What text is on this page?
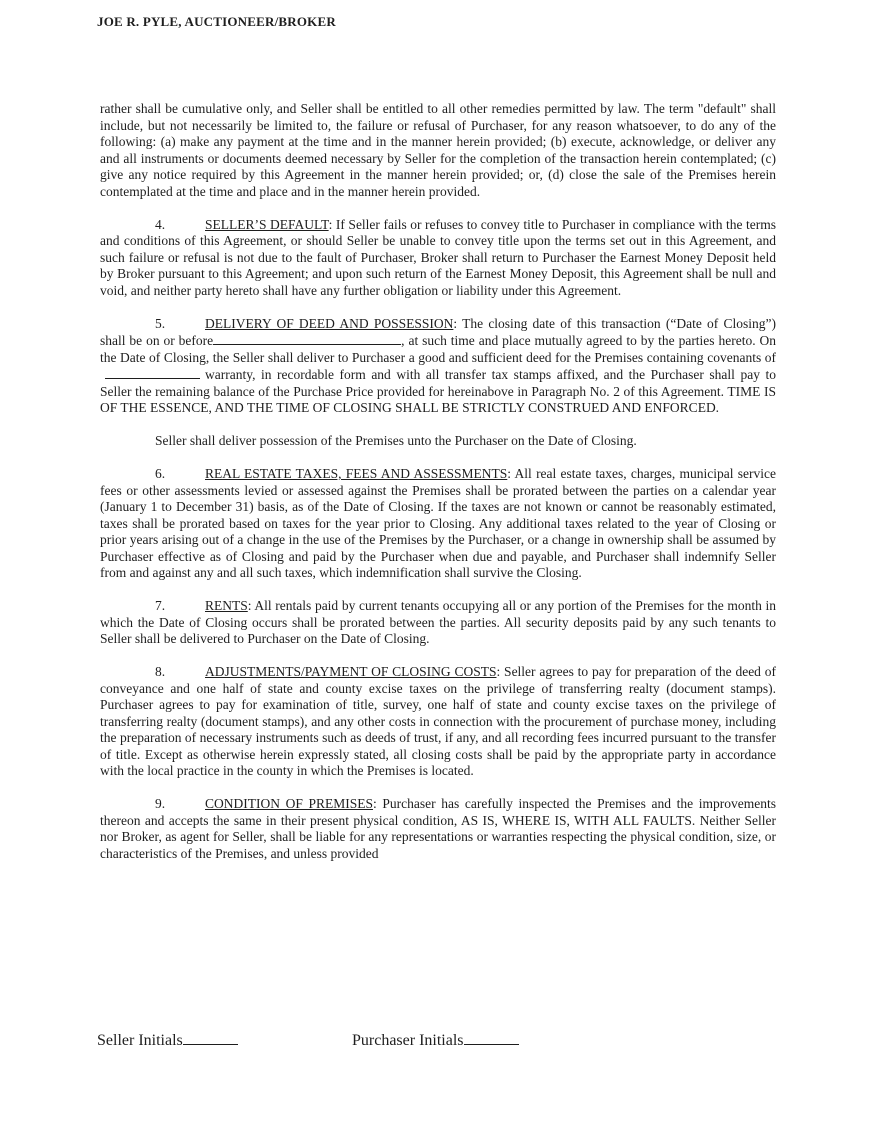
JOE R. PYLE, AUCTIONEER/BROKER

rather shall be cumulative only, and Seller shall be entitled to all other remedies permitted by law. The term "default" shall include, but not necessarily be limited to, the failure or refusal of Purchaser, for any reason whatsoever, to do any of the following: (a) make any payment at the time and in the manner herein provided; (b) execute, acknowledge, or deliver any and all instruments or documents deemed necessary by Seller for the completion of the transaction herein contemplated; (c) give any notice required by this Agreement in the manner herein provided; or, (d) close the sale of the Premises herein contemplated at the time and place and in the manner herein provided.

4.	SELLER’S DEFAULT: If Seller fails or refuses to convey title to Purchaser in compliance with the terms and conditions of this Agreement, or should Seller be unable to convey title upon the terms set out in this Agreement, and such failure or refusal is not due to the fault of Purchaser, Broker shall return to Purchaser the Earnest Money Deposit held by Broker pursuant to this Agreement; and upon such return of the Earnest Money Deposit, this Agreement shall be null and void, and neither party hereto shall have any further obligation or liability under this Agreement.

5.	DELIVERY OF DEED AND POSSESSION: The closing date of this transaction (“Date of Closing”) shall be on or before	, at such time and place mutually agreed to by the parties hereto. On the Date of Closing, the Seller shall deliver to Purchaser a good and sufficient deed for the Premises containing covenants ofwarranty, in recordable form and with all transfer tax stamps affixed, and the Purchaser shall pay to Seller the remaining balance of the Purchase Price provided for hereinabove in Paragraph No. 2 of this Agreement. TIME IS OF THE ESSENCE, AND THE TIME OF CLOSING SHALL BE STRICTLY CONSTRUED AND ENFORCED.

Seller shall deliver possession of the Premises unto the Purchaser on the Date of Closing.

6.	REAL ESTATE TAXES, FEES AND ASSESSMENTS: All real estate taxes, charges, municipal service fees or other assessments levied or assessed against the Premises shall be prorated between the parties on a calendar year (January 1 to December 31) basis, as of the Date of Closing. If the taxes are not known or cannot be reasonably estimated, taxes shall be prorated based on taxes for the year prior to Closing. Any additional taxes related to the year of Closing or prior years arising out of a change in the use of the Premises by the Purchaser, or a change in ownership shall be assumed by Purchaser effective as of Closing and paid by the Purchaser when due and payable, and Purchaser shall indemnify Seller from and against any and all such taxes, which indemnification shall survive the Closing.

7.	RENTS: All rentals paid by current tenants occupying all or any portion of the Premises for the month in which the Date of Closing occurs shall be prorated between the parties. All security deposits paid by any such tenants to Seller shall be delivered to Purchaser on the Date of Closing.

8.	ADJUSTMENTS/PAYMENT OF CLOSING COSTS: Seller agrees to pay for preparation of the deed of conveyance and one half of state and county excise taxes on the privilege of transferring realty (document stamps). Purchaser agrees to pay for examination of title, survey, one half of state and county excise taxes on the privilege of transferring realty (document stamps), and any other costs in connection with the procurement of purchase money, including the preparation of necessary instruments such as deeds of trust, if any, and all recording fees incurred pursuant to the transfer of title. Except as otherwise herein expressly stated, all closing costs shall be paid by the appropriate party in accordance with the local practice in the county in which the Premises is located.

9.	CONDITION OF PREMISES: Purchaser has carefully inspected the Premises and the improvements thereon and accepts the same in their present physical condition, AS IS, WHERE IS, WITH ALL FAULTS. Neither Seller nor Broker, as agent for Seller, shall be liable for any representations or warranties respecting the physical condition, size, or characteristics of the Premises, and unless provided

Seller Initials	Purchaser Initials
